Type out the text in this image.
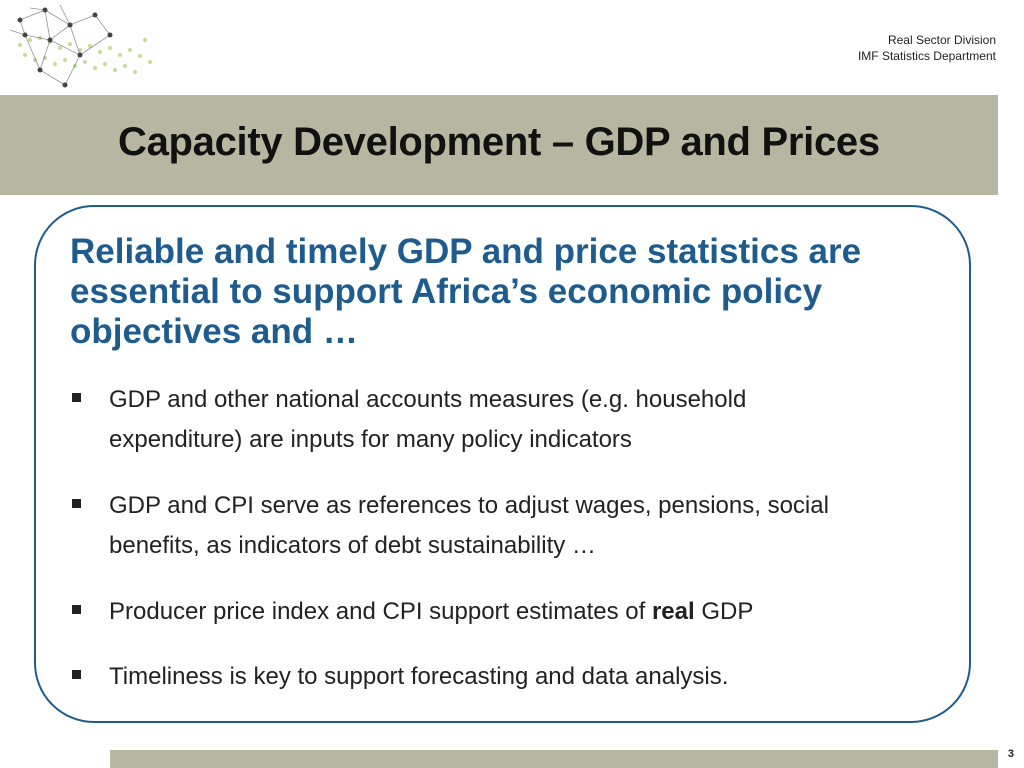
Real Sector Division
IMF Statistics Department
Capacity Development – GDP and Prices
Reliable and timely GDP and price statistics are essential to support Africa’s economic policy objectives and …
GDP and other national accounts measures (e.g. household
expenditure) are inputs for many policy indicators
GDP and CPI serve as references to adjust wages, pensions, social
benefits, as indicators of debt sustainability …
Producer price index and CPI support estimates of real GDP
Timeliness is key to support forecasting and data analysis.
3
